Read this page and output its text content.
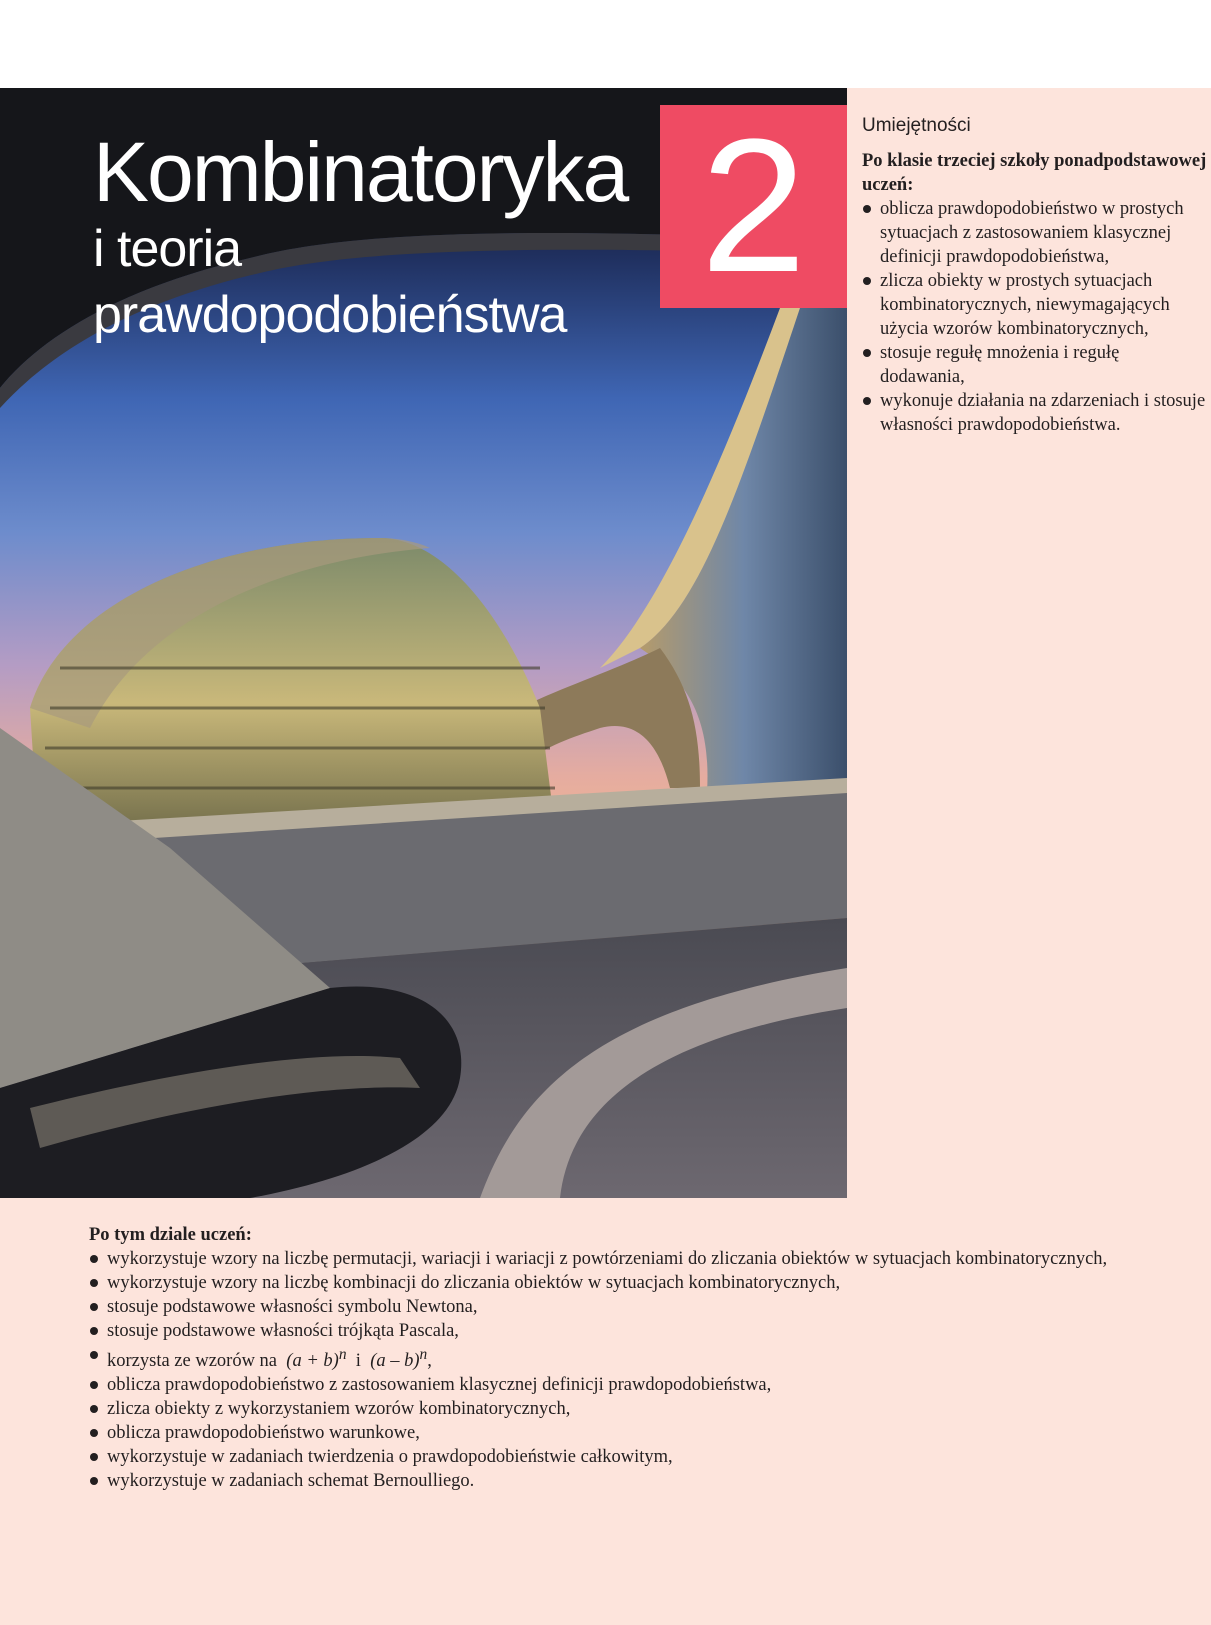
Kombinatoryka
i teoria
prawdopodobieństwa
2	Umiejętności
Po klasie trzeciej szkoły ponadpodstawowej uczeń:
oblicza prawdopodobieństwo w prostych sytuacjach z zastosowaniem klasycznej definicji prawdopodobieństwa,
zlicza obiekty w prostych sytuacjach kombinatorycznych, niewymagających użycia wzorów kombinatorycznych,
stosuje regułę mnożenia i regułę dodawania,
wykonuje działania na zdarzeniach i stosuje własności prawdopodobieństwa.
Po tym dziale uczeń:
wykorzystuje wzory na liczbę permutacji, wariacji i wariacji z powtórzeniami do zliczania obiektów w sytuacjach kombinatorycznych,
wykorzystuje wzory na liczbę kombinacji do zliczania obiektów w sytuacjach kombinatorycznych,
stosuje podstawowe własności symbolu Newtona,
stosuje podstawowe własności trójkąta Pascala,
korzysta ze wzorów na $(a + b)^n$ i (a – b)$^n$,
oblicza prawdopodobieństwo z zastosowaniem klasycznej definicji prawdopodobieństwa,
zlicza obiekty z wykorzystaniem wzorów kombinatorycznych,
oblicza prawdopodobieństwo warunkowe,
wykorzystuje w zadaniach twierdzenia o prawdopodobieństwie całkowitym,
wykorzystuje w zadaniach schemat Bernoulliego.
